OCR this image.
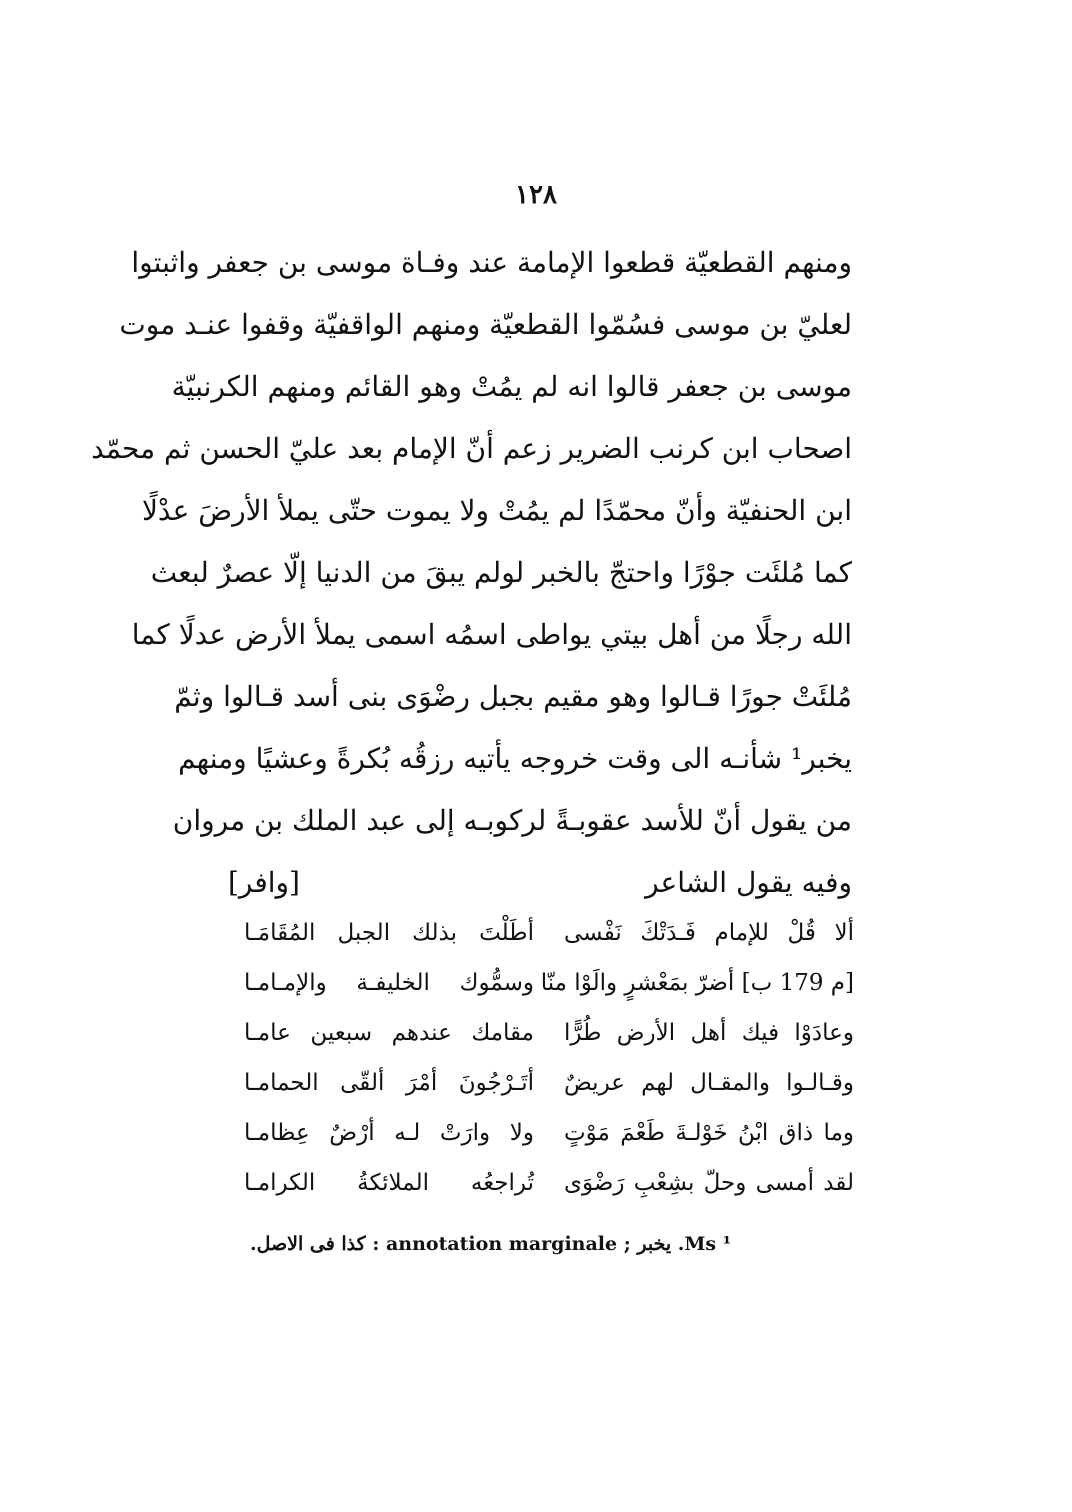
١٢٨
ومنهم القطعيّة قطعوا الإمامة عند وفـاة موسى بن جعفر واثبتوا
لعليّ بن موسى فسُمّوا القطعيّة ومنهم الواقفيّة وقفوا عنـد موت
موسى بن جعفر قالوا انه لم يمُتْ وهو القائم ومنهم الكرنبيّة
اصحاب ابن كرنب الضرير زعم أنّ الإمام بعد عليّ الحسن ثم محمّد
ابن الحنفيّة وأنّ محمّدًا لم يمُتْ ولا يموت حتّى يملأ الأرضَ عدْلًا
كما مُلئَت جوْرًا واحتجّ بالخبر لولم يبقَ من الدنيا إلّا عصرٌ لبعث
الله رجلًا من أهل بيتي يواطى اسمُه اسمى يملأ الأرض عدلًا كما
مُلئَتْ جورًا قـالوا وهو مقيم بجبل رضْوَى بنى أسد قـالوا وثمّ
يخبر¹ شأنـه الى وقت خروجه يأتيه رزقُه بُكرةً وعشيًا ومنهم
من يقول أنّ للأسد عقوبـةً لركوبـه إلى عبد الملك بن مروان
وفيه يقول الشاعر
[وافر]
ألا قُلْ للإمام فَـدَتْكَ نَفْسى
أطَلْتَ بذلك الجبل المُقَامَـا
[م 179 ب] أضرّ بمَعْشرٍ والَوْا منّا
وسمُّوك الخليفـة والإمـامـا
وعادَوْا فيك أهل الأرض طُرًّا
مقامك عندهم سبعين عامـا
وقـالـوا والمقـال لهم عريضٌ
أتَـرْجُونَ أمْرَ ألقّى الحمامـا
وما ذاق ابْنُ خَوْلـةَ طَعْمَ مَوْتٍ
ولا وارَتْ لـه أرْضٌ عِظامـا
لقد أمسى وحلّ بشِعْبِ رَضْوَى
تُراجعُه الملائكةُ الكرامـا
¹ Ms. يخبر ; annotation marginale : كذا فى الاصل.
